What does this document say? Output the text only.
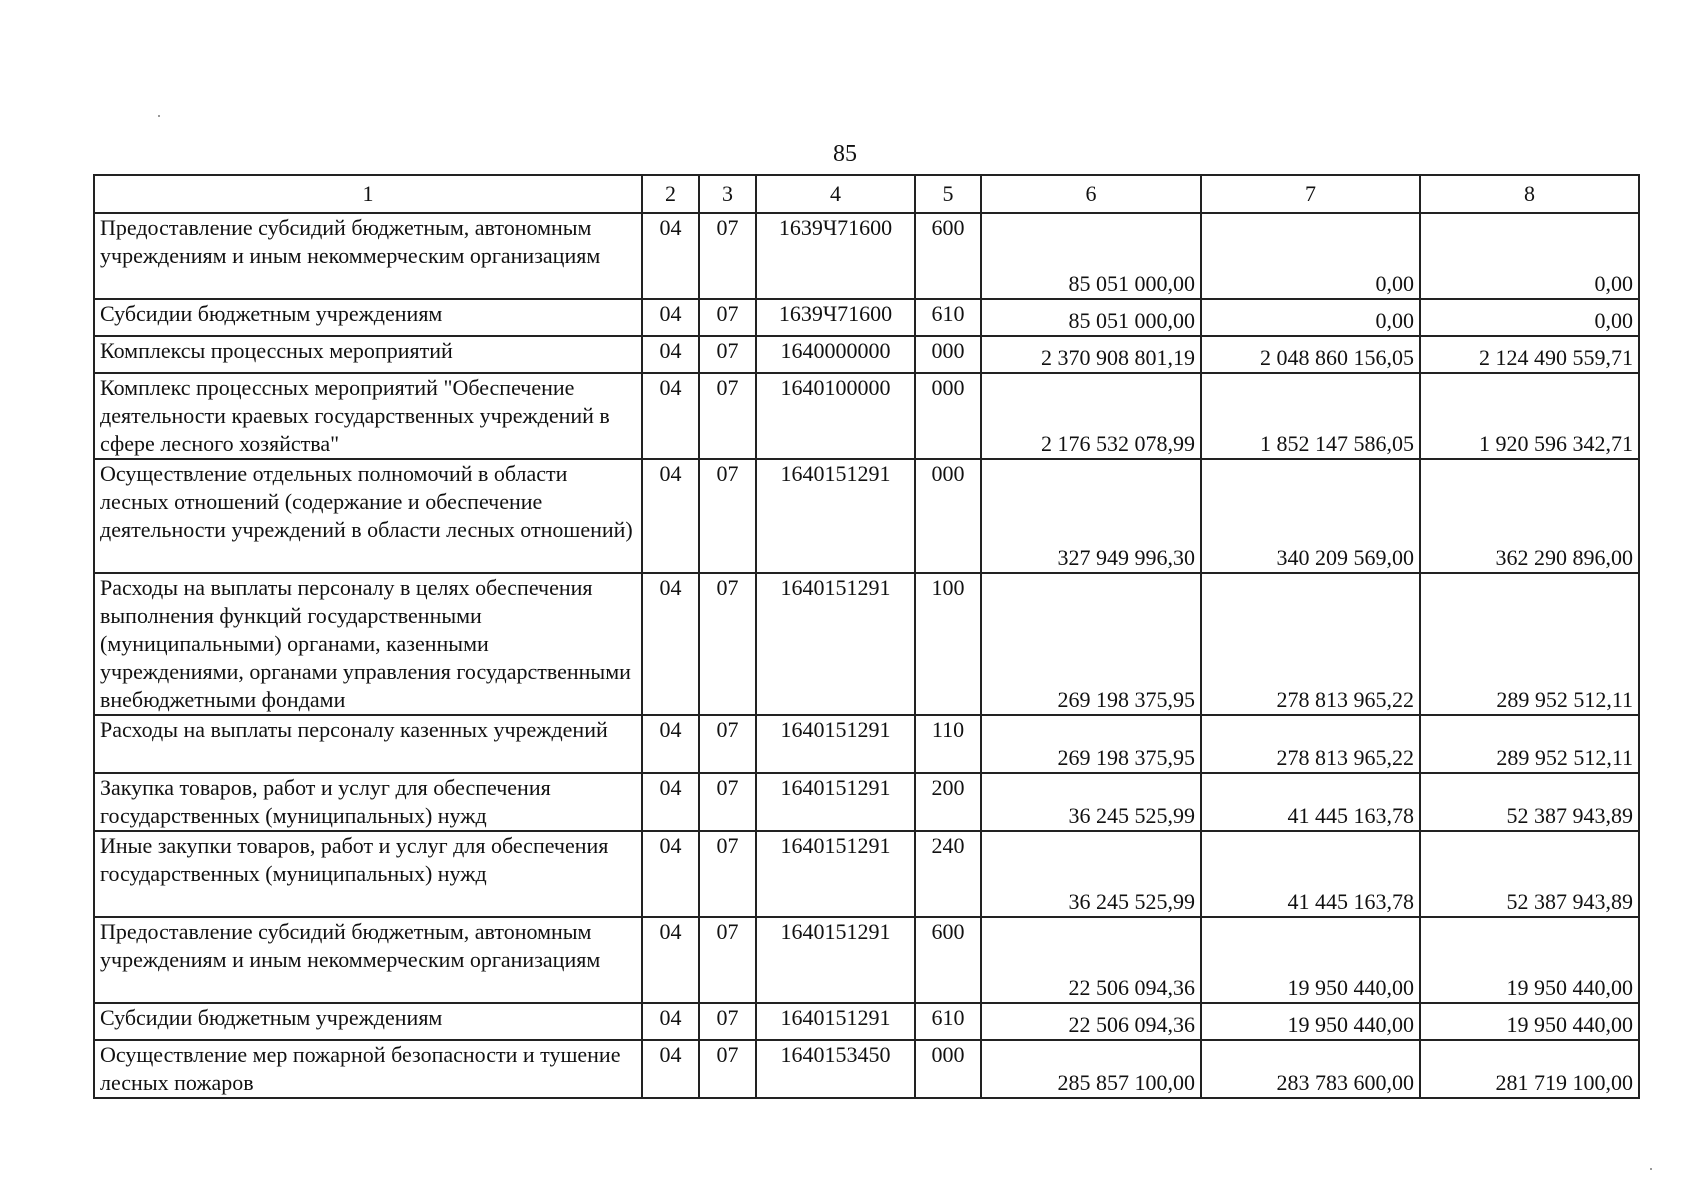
85
1	2	3	4	5	6	7	8
Предоставление субсидий бюджетным, автономным учреждениям и иным некоммерческим организациям	04	07	1639Ч71600	600	85 051 000,00	0,00	0,00
Субсидии бюджетным учреждениям	04	07	1639Ч71600	610	85 051 000,00	0,00	0,00
Комплексы процессных мероприятий	04	07	1640000000	000	2 370 908 801,19	2 048 860 156,05	2 124 490 559,71
Комплекс процессных мероприятий "Обеспечение деятельности краевых государственных учреждений в сфере лесного хозяйства"	04	07	1640100000	000	2 176 532 078,99	1 852 147 586,05	1 920 596 342,71
Осуществление отдельных полномочий в области лесных отношений (содержание и обеспечение деятельности учреждений в области лесных отношений)	04	07	1640151291	000	327 949 996,30	340 209 569,00	362 290 896,00
Расходы на выплаты персоналу в целях обеспечения выполнения функций государственными (муниципальными) органами, казенными учреждениями, органами управления государственными внебюджетными фондами	04	07	1640151291	100	269 198 375,95	278 813 965,22	289 952 512,11
Расходы на выплаты персоналу казенных учреждений	04	07	1640151291	110	269 198 375,95	278 813 965,22	289 952 512,11
Закупка товаров, работ и услуг для обеспечения государственных (муниципальных) нужд	04	07	1640151291	200	36 245 525,99	41 445 163,78	52 387 943,89
Иные закупки товаров, работ и услуг для обеспечения государственных (муниципальных) нужд	04	07	1640151291	240	36 245 525,99	41 445 163,78	52 387 943,89
Предоставление субсидий бюджетным, автономным учреждениям и иным некоммерческим организациям	04	07	1640151291	600	22 506 094,36	19 950 440,00	19 950 440,00
Субсидии бюджетным учреждениям	04	07	1640151291	610	22 506 094,36	19 950 440,00	19 950 440,00
Осуществление мер пожарной безопасности и тушение лесных пожаров	04	07	1640153450	000	285 857 100,00	283 783 600,00	281 719 100,00
